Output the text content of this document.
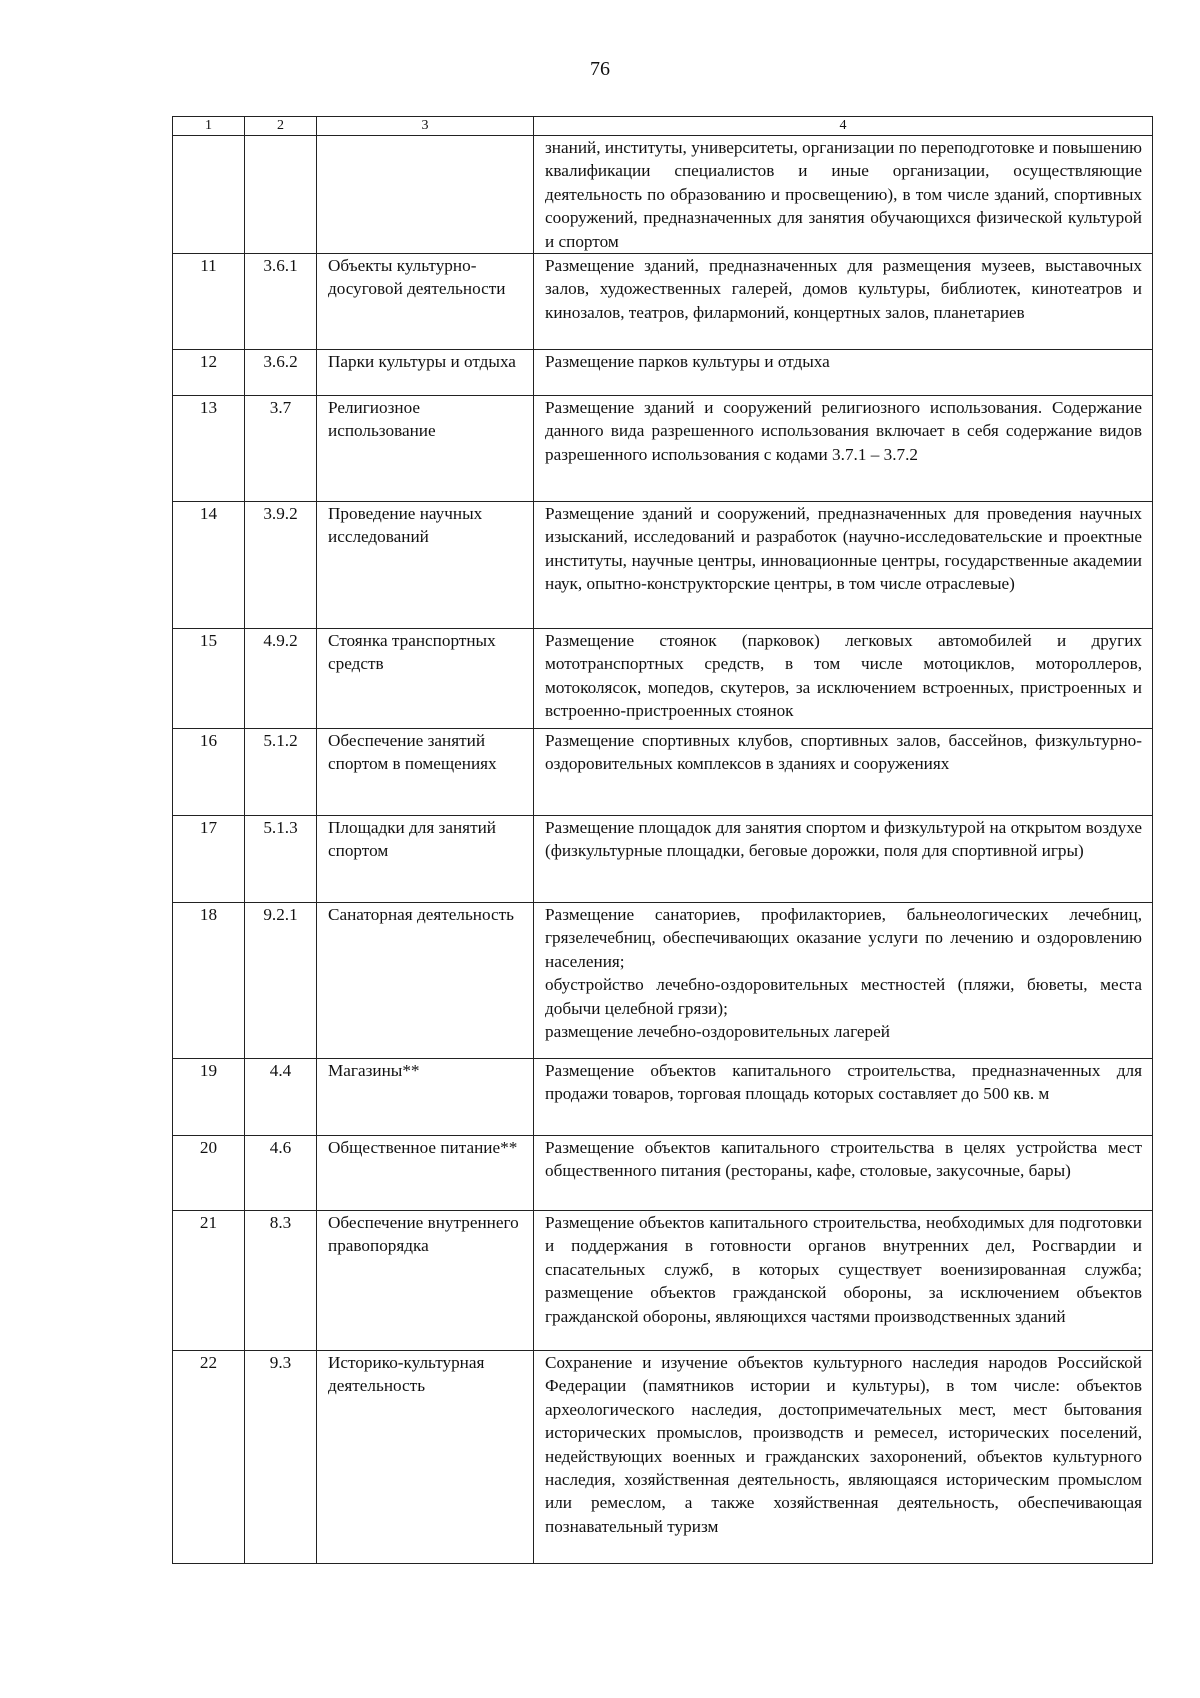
76
1	2	3	4
			знаний, институты, университеты, организации по переподготовке и повышению квалификации специалистов и иные организации, осуществляющие деятельность по образованию и просвещению), в том числе зданий, спортивных сооружений, предназначенных для занятия обучающихся физической культурой и спортом
11	3.6.1	Объекты культурно-досуговой деятельности	Размещение зданий, предназначенных для размещения музеев, выставочных залов, художественных галерей, домов культуры, библиотек, кинотеатров и кинозалов, театров, филармоний, концертных залов, планетариев
12	3.6.2	Парки культуры и отдыха	Размещение парков культуры и отдыха
13	3.7	Религиозное использование	Размещение зданий и сооружений религиозного использования. Содержание данного вида разрешенного использования включает в себя содержание видов разрешенного использования с кодами 3.7.1 – 3.7.2
14	3.9.2	Проведение научных исследований	Размещение зданий и сооружений, предназначенных для проведения научных изысканий, исследований и разработок (научно-исследовательские и проектные институты, научные центры, инновационные центры, государственные академии наук, опытно-конструкторские центры, в том числе отраслевые)
15	4.9.2	Стоянка транспортных средств	Размещение стоянок (парковок) легковых автомобилей и других мототранспортных средств, в том числе мотоциклов, мотороллеров, мотоколясок, мопедов, скутеров, за исключением встроенных, пристроенных и встроенно-пристроенных стоянок
16	5.1.2	Обеспечение занятий спортом в помещениях	Размещение спортивных клубов, спортивных залов, бассейнов, физкультурно-оздоровительных комплексов в зданиях и сооружениях
17	5.1.3	Площадки для занятий спортом	Размещение площадок для занятия спортом и физкультурой на открытом воздухе (физкультурные площадки, беговые дорожки, поля для спортивной игры)
18	9.2.1	Санаторная деятельность	Размещение санаториев, профилакториев, бальнеологических лечебниц, грязелечебниц, обеспечивающих оказание услуги по лечению и оздоровлению населения;
обустройство лечебно-оздоровительных местностей (пляжи, бюветы, места добычи целебной грязи);
размещение лечебно-оздоровительных лагерей

19	4.4	Магазины**	Размещение объектов капитального строительства, предназначенных для продажи товаров, торговая площадь которых составляет до 500 кв. м
20	4.6	Общественное питание**	Размещение объектов капитального строительства в целях устройства мест общественного питания (рестораны, кафе, столовые, закусочные, бары)
21	8.3	Обеспечение внутреннего правопорядка	Размещение объектов капитального строительства, необходимых для подготовки и поддержания в готовности органов внутренних дел, Росгвардии и спасательных служб, в которых существует военизированная служба; размещение объектов гражданской обороны, за исключением объектов гражданской обороны, являющихся частями производственных зданий
22	9.3	Историко-культурная деятельность	Сохранение и изучение объектов культурного наследия народов Российской Федерации (памятников истории и культуры), в том числе: объектов археологического наследия, достопримечательных мест, мест бытования исторических промыслов, производств и ремесел, исторических поселений, недействующих военных и гражданских захоронений, объектов культурного наследия, хозяйственная деятельность, являющаяся историческим промыслом или ремеслом, а также хозяйственная деятельность, обеспечивающая познавательный туризм
